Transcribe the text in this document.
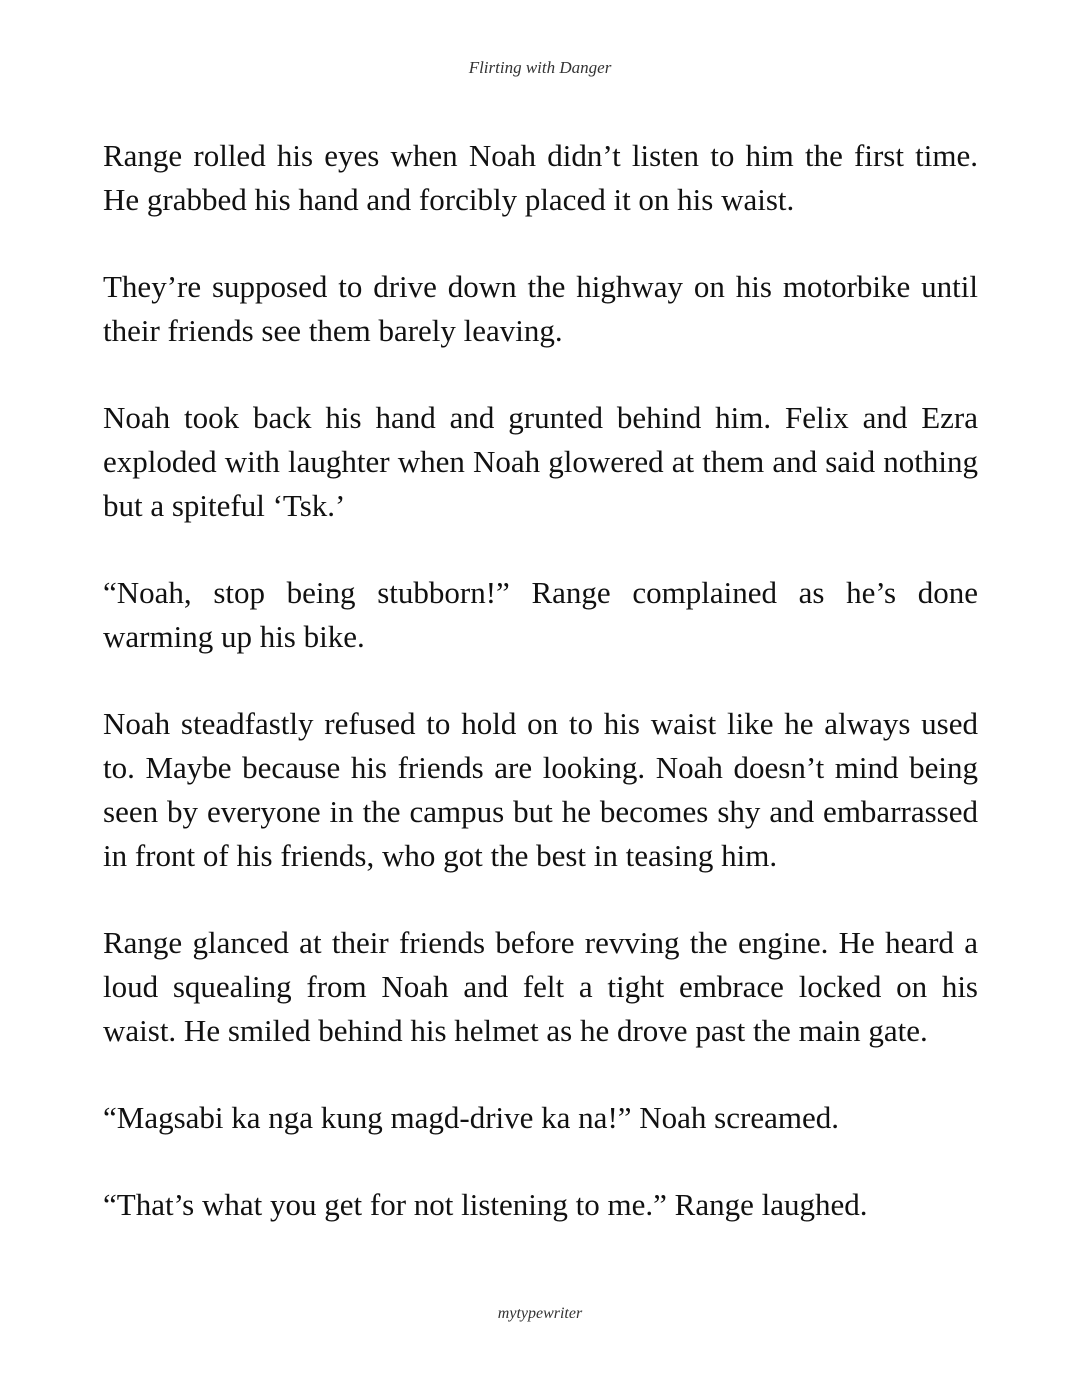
Flirting with Danger

Range rolled his eyes when Noah didn’t listen to him the first time. He grabbed his hand and forcibly placed it on his waist.

They’re supposed to drive down the highway on his motorbike until their friends see them barely leaving.

Noah took back his hand and grunted behind him. Felix and Ezra exploded with laughter when Noah glowered at them and said nothing but a spiteful ‘Tsk.’

“Noah, stop being stubborn!” Range complained as he’s done warming up his bike.

Noah steadfastly refused to hold on to his waist like he always used to. Maybe because his friends are looking. Noah doesn’t mind being seen by everyone in the campus but he becomes shy and embarrassed in front of his friends, who got the best in teasing him.

Range glanced at their friends before revving the engine. He heard a loud squealing from Noah and felt a tight embrace locked on his waist. He smiled behind his helmet as he drove past the main gate.

“Magsabi ka nga kung magd-drive ka na!” Noah screamed.

“That’s what you get for not listening to me.” Range laughed.

mytypewriter
